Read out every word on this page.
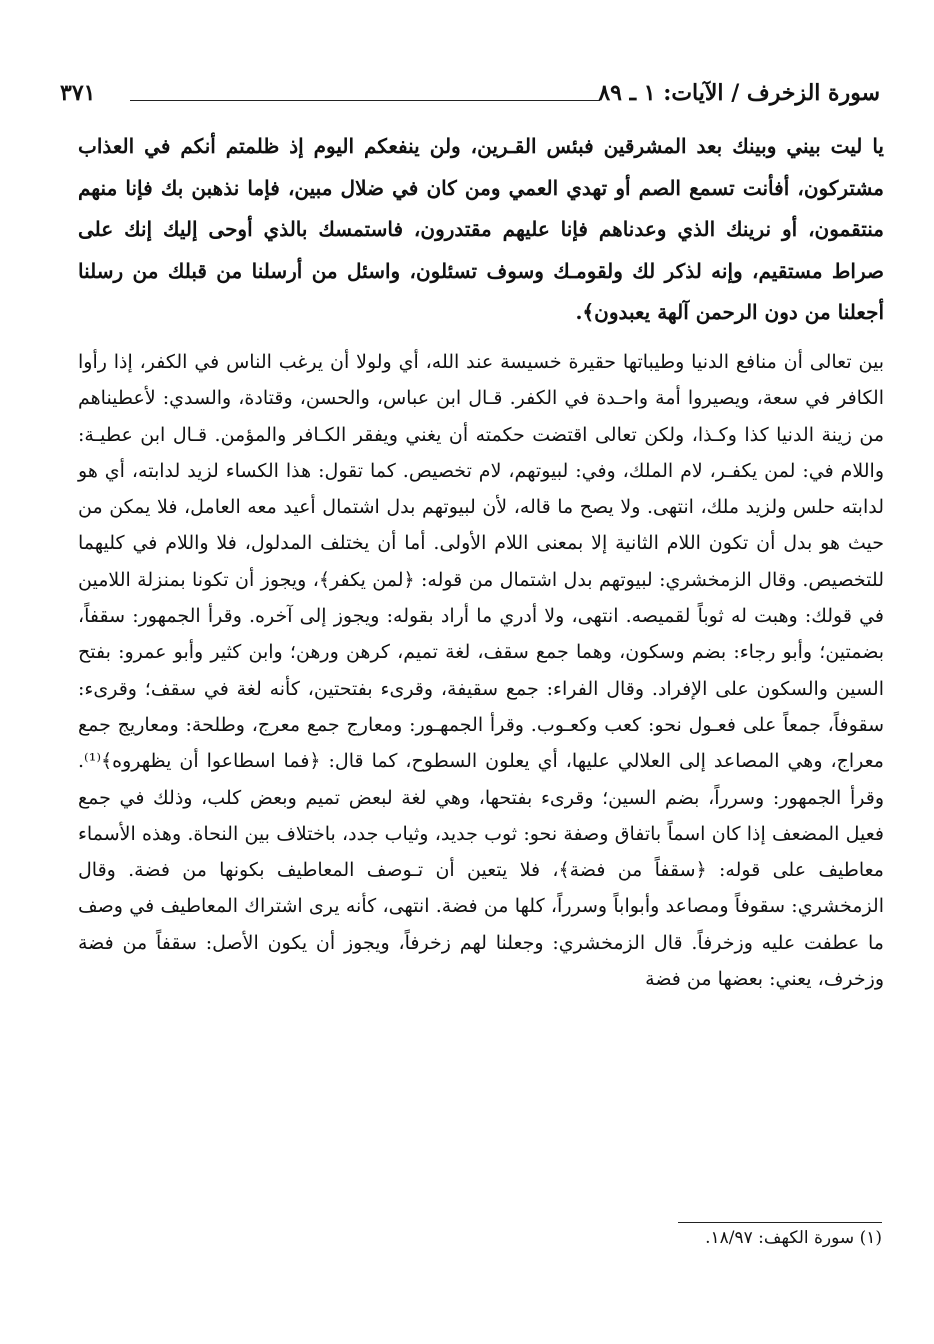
سورة الزخرف / الآيات: ١ ـ ٨٩
٣٧١
يا ليت بيني وبينك بعد المشرقين فبئس القـرين، ولن ينفعكم اليوم إذ ظلمتم أنكم في العذاب مشتركون، أفأنت تسمع الصم أو تهدي العمي ومن كان في ضلال مبين، فإما نذهبن بك فإنا منهم منتقمون، أو نرينك الذي وعدناهم فإنا عليهم مقتدرون، فاستمسك بالذي أوحى إليك إنك على صراط مستقيم، وإنه لذكر لك ولقومـك وسوف تسئلون، واسئل من أرسلنا من قبلك من رسلنا أجعلنا من دون الرحمن آلهة يعبدون﴾.

بين تعالى أن منافع الدنيا وطيباتها حقيرة خسيسة عند الله، أي ولولا أن يرغب الناس في الكفر، إذا رأوا الكافر في سعة، ويصيروا أمة واحـدة في الكفر. قـال ابن عباس، والحسن، وقتادة، والسدي: لأعطيناهم من زينة الدنيا كذا وكـذا، ولكن تعالى اقتضت حكمته أن يغني ويفقر الكـافر والمؤمن. قـال ابن عطيـة: واللام في: لمن يكفـر، لام الملك، وفي: لبيوتهم، لام تخصيص. كما تقول: هذا الكساء لزيد لدابته، أي هو لدابته حلس ولزيد ملك، انتهى. ولا يصح ما قاله، لأن لبيوتهم بدل اشتمال أعيد معه العامل، فلا يمكن من حيث هو بدل أن تكون اللام الثانية إلا بمعنى اللام الأولى. أما أن يختلف المدلول، فلا واللام في كليهما للتخصيص. وقال الزمخشري: لبيوتهم بدل اشتمال من قوله: ﴿لمن يكفر﴾، ويجوز أن تكونا بمنزلة اللامين في قولك: وهبت له ثوباً لقميصه. انتهى، ولا أدري ما أراد بقوله: ويجوز إلى آخره. وقرأ الجمهور: سقفاً، بضمتين؛ وأبو رجاء: بضم وسكون، وهما جمع سقف، لغة تميم، كرهن ورهن؛ وابن كثير وأبو عمرو: بفتح السين والسكون على الإفراد. وقال الفراء: جمع سقيفة، وقرىء بفتحتين، كأنه لغة في سقف؛ وقرىء: سقوفاً، جمعاً على فعـول نحو: كعب وكعـوب. وقرأ الجمهـور: ومعارج جمع معرج، وطلحة: ومعاريج جمع معراج، وهي المصاعد إلى العلالي عليها، أي يعلون السطوح، كما قال: ﴿فما اسطاعوا أن يظهروه﴾⁽¹⁾. وقرأ الجمهور: وسرراً، بضم السين؛ وقرىء بفتحها، وهي لغة لبعض تميم وبعض كلب، وذلك في جمع فعيل المضعف إذا كان اسماً باتفاق وصفة نحو: ثوب جديد، وثياب جدد، باختلاف بين النحاة. وهذه الأسماء معاطيف على قوله: ﴿سقفاً من فضة﴾، فلا يتعين أن تـوصف المعاطيف بكونها من فضة. وقال الزمخشري: سقوفاً ومصاعد وأبواباً وسرراً، كلها من فضة. انتهى، كأنه يرى اشتراك المعاطيف في وصف ما عطفت عليه وزخرفاً. قال الزمخشري: وجعلنا لهم زخرفاً، ويجوز أن يكون الأصل: سقفاً من فضة وزخرف، يعني: بعضها من فضة

(١) سورة الكهف: ١٨/٩٧.
